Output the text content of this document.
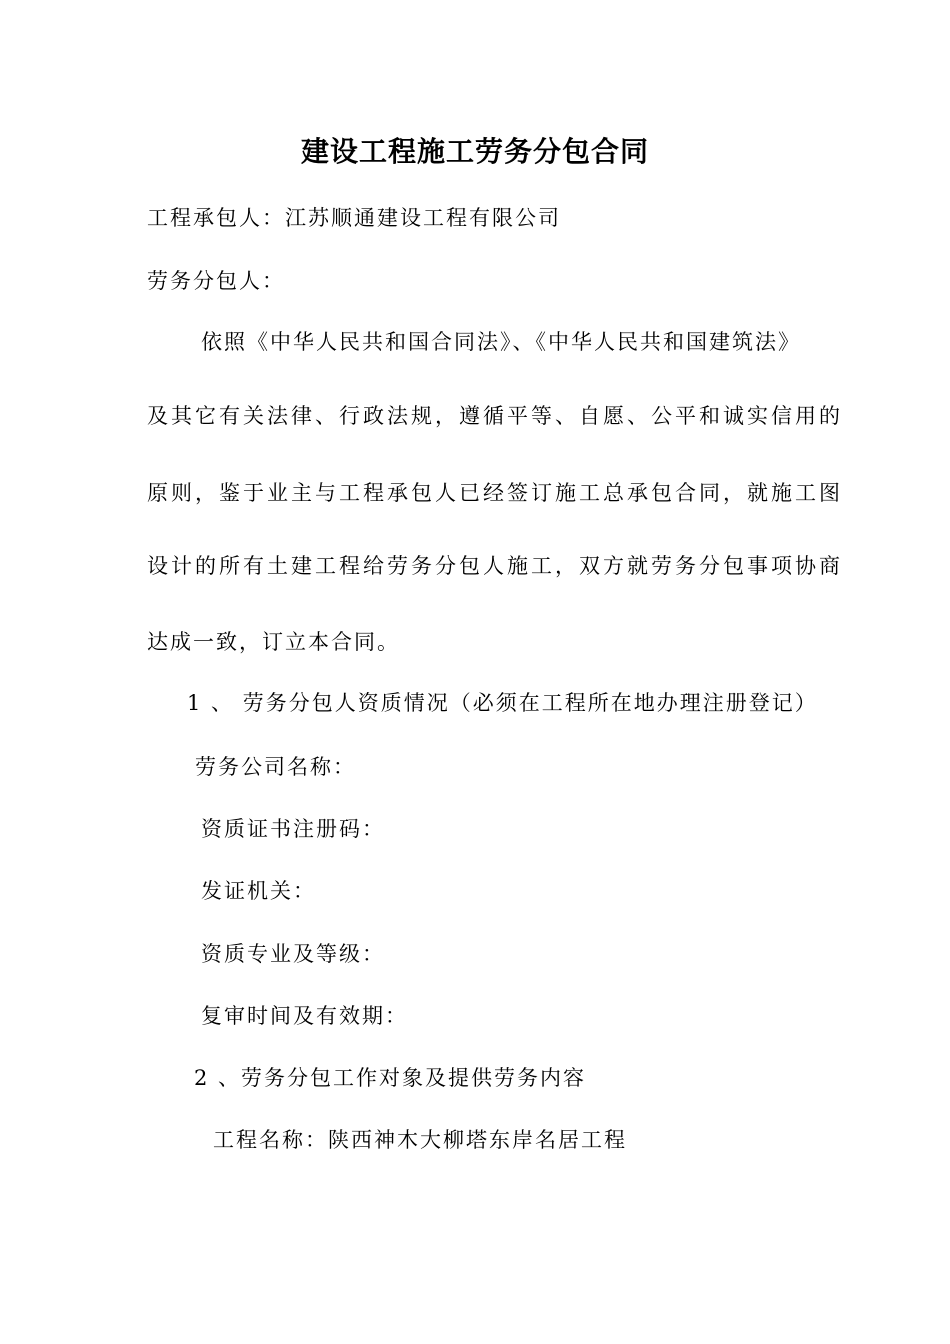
建设工程施工劳务分包合同
工程承包人：江苏顺通建设工程有限公司
劳务分包人：
依照《中华人民共和国合同法》、《中华人民共和国建筑法》
及其它有关法律、行政法规，遵循平等、自愿、公平和诚实信用的
原则，鉴于业主与工程承包人已经签订施工总承包合同，就施工图
设计的所有土建工程给劳务分包人施工，双方就劳务分包事项协商
达成一致，订立本合同。
1 、 劳务分包人资质情况（必须在工程所在地办理注册登记）
劳务公司名称：
资质证书注册码：
发证机关：
资质专业及等级：
复审时间及有效期：
2 、劳务分包工作对象及提供劳务内容
工程名称：陕西神木大柳塔东岸名居工程
